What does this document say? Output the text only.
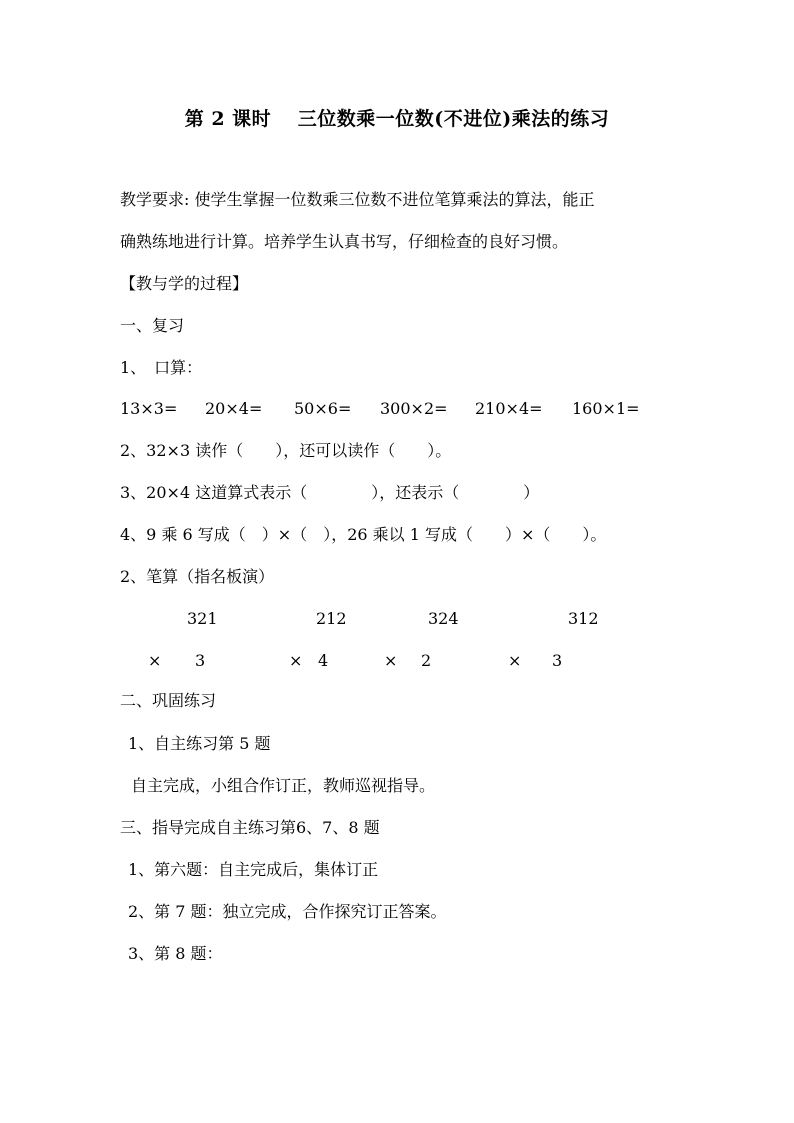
第 2 课时　 三位数乘一位数(不进位)乘法的练习
教学要求: 使学生掌握一位数乘三位数不进位笔算乘法的算法，能正
确熟练地进行计算。培养学生认真书写，仔细检查的良好习惯。
【教与学的过程】
一、复习
1、　口算：
13×3= 20×4= 50×6= 300×2= 210×4= 160×1=
2、32×3 读作（　　），还可以读作（　　）。
3、20×4 这道算式表示（　　　　），还表示（　　　　）
4、9 乘 6 写成（　）×（　），26 乘以 1 写成（　　）×（　　）。
2、笔算（指名板演）
321	212	324	312
× 3	× 4	× 2	× 3
二、巩固练习
1、自主练习第 5 题
自主完成，小组合作订正，教师巡视指导。
三、指导完成自主练习第6、7、8 题
1、第六题：自主完成后，集体订正
2、第 7 题：独立完成，合作探究订正答案。
3、第 8 题：
